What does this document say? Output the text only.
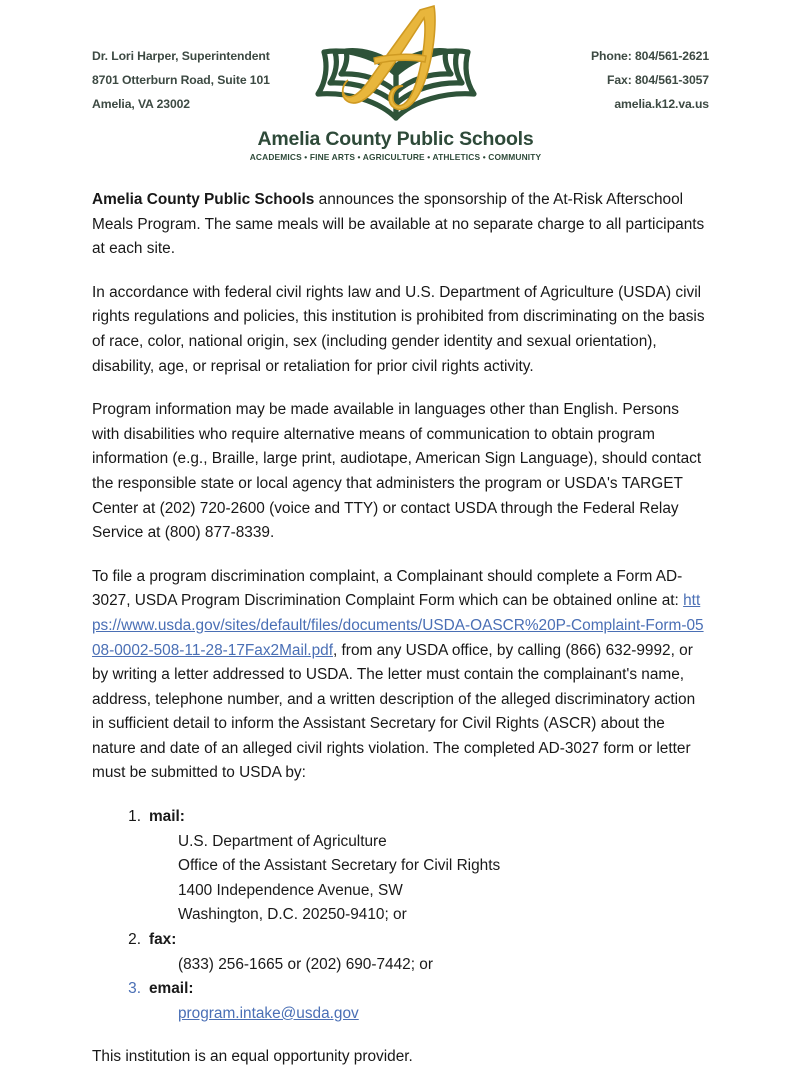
Dr. Lori Harper, Superintendent
8701 Otterburn Road, Suite 101
Amelia, VA 23002
Amelia County Public Schools
ACADEMICS • FINE ARTS • AGRICULTURE • ATHLETICS • COMMUNITY
Phone: 804/561-2621
Fax: 804/561-3057
amelia.k12.va.us

Amelia County Public Schools announces the sponsorship of the At-Risk Afterschool Meals Program. The same meals will be available at no separate charge to all participants at each site.

In accordance with federal civil rights law and U.S. Department of Agriculture (USDA) civil rights regulations and policies, this institution is prohibited from discriminating on the basis of race, color, national origin, sex (including gender identity and sexual orientation), disability, age, or reprisal or retaliation for prior civil rights activity.

Program information may be made available in languages other than English. Persons with disabilities who require alternative means of communication to obtain program information (e.g., Braille, large print, audiotape, American Sign Language), should contact the responsible state or local agency that administers the program or USDA's TARGET Center at (202) 720-2600 (voice and TTY) or contact USDA through the Federal Relay Service at (800) 877-8339.

To file a program discrimination complaint, a Complainant should complete a Form AD-3027, USDA Program Discrimination Complaint Form which can be obtained online at: https://www.usda.gov/sites/default/files/documents/USDA-OASCR%20P-Complaint-Form-0508-0002-508-11-28-17Fax2Mail.pdf, from any USDA office, by calling (866) 632-9992, or by writing a letter addressed to USDA. The letter must contain the complainant's name, address, telephone number, and a written description of the alleged discriminatory action in sufficient detail to inform the Assistant Secretary for Civil Rights (ASCR) about the nature and date of an alleged civil rights violation. The completed AD-3027 form or letter must be submitted to USDA by:

mail:
U.S. Department of Agriculture
Office of the Assistant Secretary for Civil Rights
1400 Independence Avenue, SW
Washington, D.C. 20250-9410; or
fax:
(833) 256-1665 or (202) 690-7442; or
email:
program.intake@usda.gov

This institution is an equal opportunity provider.
